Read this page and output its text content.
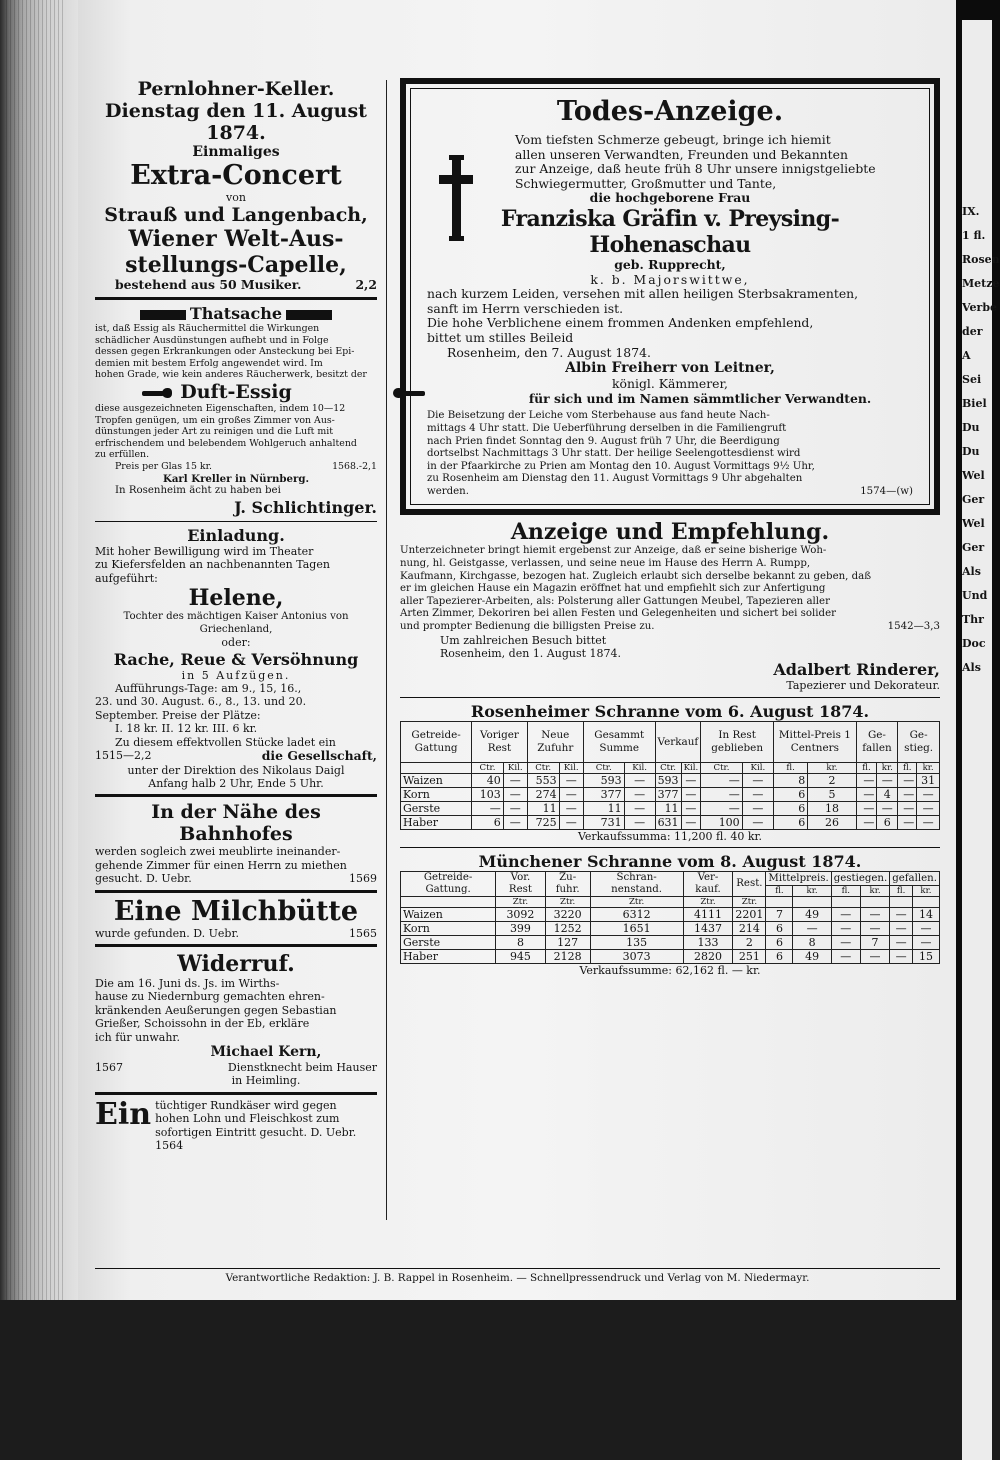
IX.
1 fl.
Rosen
Metze
Verbe
der A
Sei
Biel
Du
Du
Wel
Ger
Wel
Ger
Als
Und
Thr
Doc
Als
Pernlohner-Keller.
Dienstag den 11. August 1874.
Einmaliges
Extra-Concert
von
Strauß und Langenbach,
Wiener Welt-Aus-
stellungs-Capelle,
bestehend aus 50 Musiker.	2,2
Thatsache
ist, daß Essig als Räuchermittel die Wirkungen
schädlicher Ausdünstungen aufhebt und in Folge
dessen gegen Erkrankungen oder Ansteckung bei Epi-
demien mit bestem Erfolg angewendet wird. Im
hohen Grade, wie kein anderes Räucherwerk, besitzt der
Duft-Essig
diese ausgezeichneten Eigenschaften, indem 10—12
Tropfen genügen, um ein großes Zimmer von Aus-
dünstungen jeder Art zu reinigen und die Luft mit
erfrischendem und belebendem Wohlgeruch anhaltend
zu erfüllen.
Preis per Glas 15 kr.	1568.-2,1
Karl Kreller in Nürnberg.
In Rosenheim ächt zu haben bei
J. Schlichtinger.
Einladung.
Mit hoher Bewilligung wird im Theater
zu Kiefersfelden an nachbenannten Tagen
aufgeführt:
Helene,
Tochter des mächtigen Kaiser Antonius von
Griechenland,
oder:
Rache, Reue & Versöhnung
in 5 Aufzügen.
Aufführungs-Tage: am 9., 15, 16.,
23. und 30. August. 6., 8., 13. und 20.
September. Preise der Plätze:
I. 18 kr. II. 12 kr. III. 6 kr.
Zu diesem effektvollen Stücke ladet ein
1515—2,2	die Gesellschaft,
unter der Direktion des Nikolaus Daigl
Anfang halb 2 Uhr, Ende 5 Uhr.
In der Nähe des Bahnhofes
werden sogleich zwei meublirte ineinander-
gehende Zimmer für einen Herrn zu miethen
gesucht. D. Uebr.	1569
Eine Milchbütte
wurde gefunden. D. Uebr.	1565
Widerruf.
Die am 16. Juni ds. Js. im Wirths-
hause zu Niedernburg gemachten ehren-
kränkenden Aeußerungen gegen Sebastian
Grießer, Schoissohn in der Eb, erkläre
ich für unwahr.
Michael Kern,
1567	Dienstknecht beim Hauser
in Heimling.
Ein tüchtiger Rundkäser wird gegen
hohen Lohn und Fleischkost zum
sofortigen Eintritt gesucht. D. Uebr. 1564
Todes-Anzeige.
Vom tiefsten Schmerze gebeugt, bringe ich hiemit
allen unseren Verwandten, Freunden und Bekannten
zur Anzeige, daß heute früh 8 Uhr unsere innigstgeliebte
Schwiegermutter, Großmutter und Tante,
die hochgeborene Frau
Franziska Gräfin v. Preysing-Hohenaschau
geb. Rupprecht,
k. b. Majorswittwe,
nach kurzem Leiden, versehen mit allen heiligen Sterbsakramenten,
sanft im Herrn verschieden ist.
Die hohe Verblichene einem frommen Andenken empfehlend,
bittet um stilles Beileid
Rosenheim, den 7. August 1874.
Albin Freiherr von Leitner,
königl. Kämmerer,
für sich und im Namen sämmtlicher Verwandten.
Die Beisetzung der Leiche vom Sterbehause aus fand heute Nach-
mittags 4 Uhr statt. Die Ueberführung derselben in die Familiengruft
nach Prien findet Sonntag den 9. August früh 7 Uhr, die Beerdigung
dortselbst Nachmittags 3 Uhr statt. Der heilige Seelengottesdienst wird
in der Pfaarkirche zu Prien am Montag den 10. August Vormittags 9½ Uhr,
zu Rosenheim am Dienstag den 11. August Vormittags 9 Uhr abgehalten
werden.	1574—(w)
Anzeige und Empfehlung.
Unterzeichneter bringt hiemit ergebenst zur Anzeige, daß er seine bisherige Woh-
nung, hl. Geistgasse, verlassen, und seine neue im Hause des Herrn A. Rumpp,
Kaufmann, Kirchgasse, bezogen hat. Zugleich erlaubt sich derselbe bekannt zu geben, daß
er im gleichen Hause ein Magazin eröffnet hat und empfiehlt sich zur Anfertigung
aller Tapezierer-Arbeiten, als: Polsterung aller Gattungen Meubel, Tapezieren aller
Arten Zimmer, Dekoriren bei allen Festen und Gelegenheiten und sichert bei solider
und prompter Bedienung die billigsten Preise zu.	1542—3,3
Um zahlreichen Besuch bittet
Rosenheim, den 1. August 1874.
Adalbert Rinderer,
Tapezierer und Dekorateur.
Rosenheimer Schranne vom 6. August 1874.
Getreide-Gattung	Voriger Rest		Neue Zufuhr		Gesammt Summe		Verkauf		In Rest geblieben		Mittel-Preis 1 Centners		Ge-fallen		Ge-stieg.	
	Ctr.	Kil.	Ctr.	Kil.	Ctr.	Kil.	Ctr.	Kil.	Ctr.	Kil.	fl.	kr.	fl.	kr.	fl.	kr.
Waizen	40	—	553	—	593	—	593	—	—	—	8	2	—	—	—	31
Korn	103	—	274	—	377	—	377	—	—	—	6	5	—	4	—	—
Gerste	—	—	11	—	11	—	11	—	—	—	6	18	—	—	—	—
Haber	6	—	725	—	731	—	631	—	100	—	6	26	—	6	—	—
Verkaufssumma: 11,200 fl. 40 kr.
Münchener Schranne vom 8. August 1874.
Getreide-Gattung.	Vor. Rest	Zu-fuhr.	Schran-nenstand.	Ver-kauf.	Rest.	Mittelpreis.		gestiegen.		gefallen.	
						fl.	kr.	fl.	kr.	fl.	kr.
	Ztr.	Ztr.	Ztr.	Ztr.	Ztr.						
Waizen	3092	3220	6312	4111	2201	7	49	—	—	—	14
Korn	399	1252	1651	1437	214	6	—	—	—	—	—
Gerste	8	127	135	133	2	6	8	—	7	—	—
Haber	945	2128	3073	2820	251	6	49	—	—	—	15
Verkaufssumme: 62,162 fl. — kr.
Verantwortliche Redaktion: J. B. Rappel in Rosenheim. — Schnellpressendruck und Verlag von M. Niedermayr.
